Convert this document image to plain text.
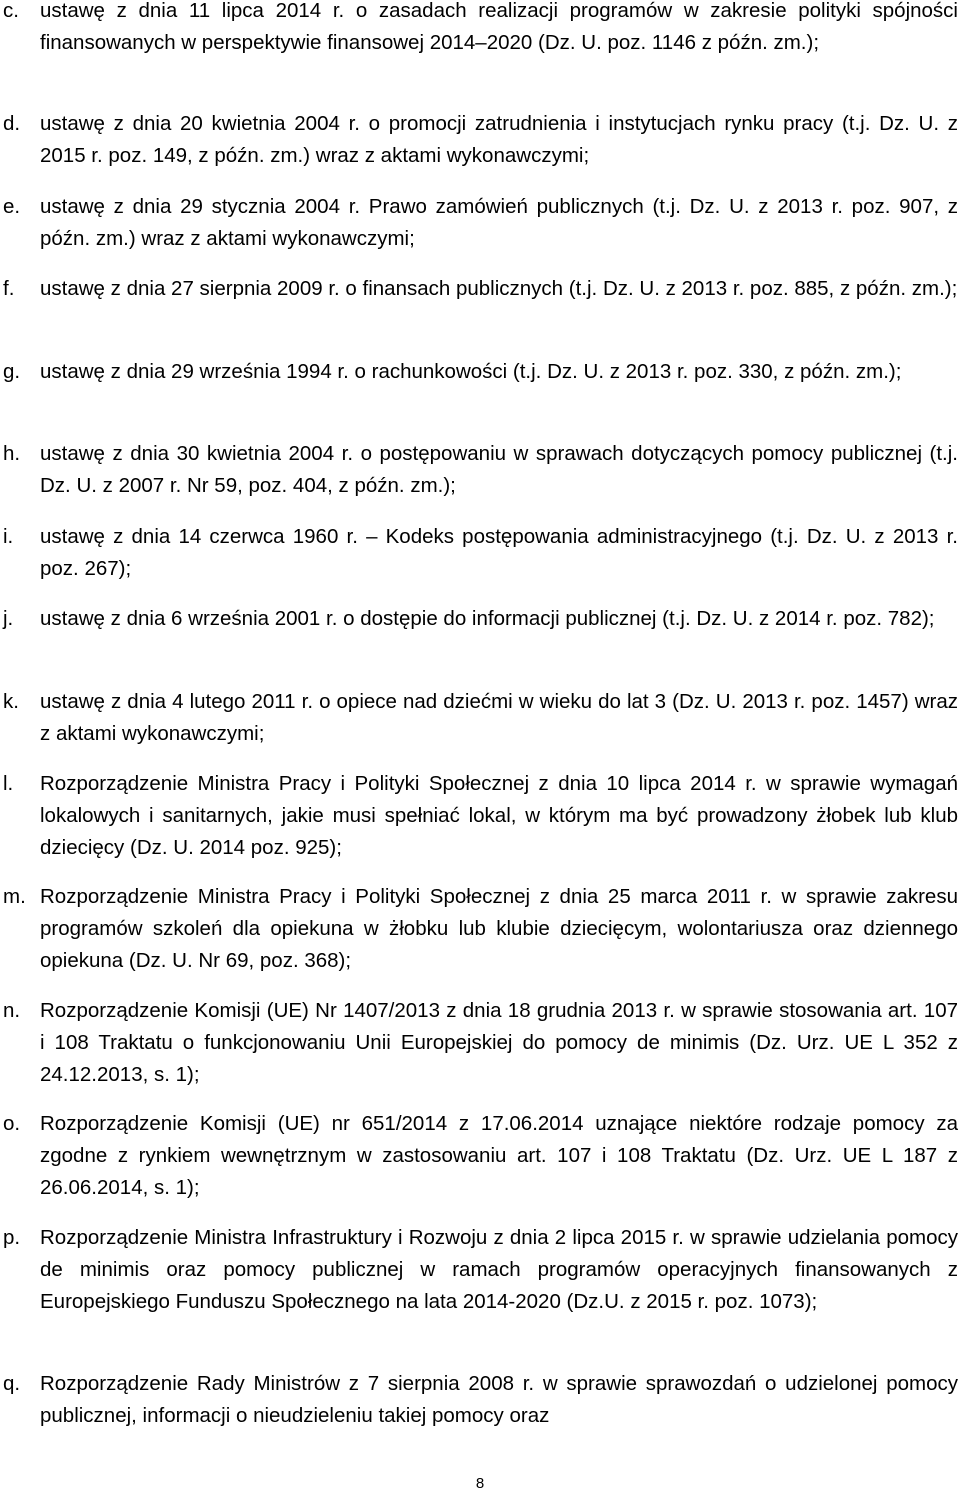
c.	ustawę z dnia 11 lipca 2014 r. o zasadach realizacji programów w zakresie polityki spójności finansowanych w perspektywie finansowej 2014–2020 (Dz. U. poz. 1146 z późn. zm.);
d. ustawę z dnia 20 kwietnia 2004 r. o promocji zatrudnienia i instytucjach rynku pracy (t.j. Dz. U. z 2015 r. poz. 149, z późn. zm.) wraz z aktami wykonawczymi;
e. ustawę z dnia 29 stycznia 2004 r. Prawo zamówień publicznych (t.j. Dz. U. z 2013 r. poz. 907, z późn. zm.) wraz z aktami wykonawczymi;
f.	ustawę z dnia 27 sierpnia 2009 r. o finansach publicznych (t.j. Dz. U. z 2013 r. poz. 885, z późn. zm.);
g. ustawę z dnia 29 września 1994 r. o rachunkowości (t.j. Dz. U. z 2013 r. poz. 330, z późn. zm.);
h. ustawę z dnia 30 kwietnia 2004 r. o postępowaniu w sprawach dotyczących pomocy publicznej (t.j. Dz. U. z 2007 r. Nr 59, poz. 404, z późn. zm.);
i.	ustawę z dnia 14 czerwca 1960 r. – Kodeks postępowania administracyjnego (t.j. Dz. U. z 2013 r. poz. 267);
j.	ustawę z dnia 6 września 2001 r. o dostępie do informacji publicznej (t.j. Dz. U. z 2014 r. poz. 782);
k.	ustawę z dnia 4 lutego 2011 r. o opiece nad dziećmi w wieku do lat 3 (Dz. U. 2013 r. poz. 1457) wraz z aktami wykonawczymi;
l.	Rozporządzenie Ministra Pracy i Polityki Społecznej z dnia 10 lipca 2014 r. w sprawie wymagań lokalowych i sanitarnych, jakie musi spełniać lokal, w którym ma być prowadzony żłobek lub klub dziecięcy (Dz. U. 2014 poz. 925);
m. Rozporządzenie Ministra Pracy i Polityki Społecznej z dnia 25 marca 2011 r. w sprawie zakresu programów szkoleń dla opiekuna w żłobku lub klubie dziecięcym, wolontariusza oraz dziennego opiekuna (Dz. U. Nr 69, poz. 368);
n. Rozporządzenie Komisji (UE) Nr 1407/2013 z dnia 18 grudnia 2013 r. w sprawie stosowania art. 107 i 108 Traktatu o funkcjonowaniu Unii Europejskiej do pomocy de minimis (Dz. Urz. UE L 352 z 24.12.2013, s. 1);
o. Rozporządzenie Komisji (UE) nr 651/2014 z 17.06.2014 uznające niektóre rodzaje pomocy za zgodne z rynkiem wewnętrznym w zastosowaniu art. 107 i 108 Traktatu (Dz. Urz. UE L 187 z 26.06.2014, s. 1);
p. Rozporządzenie Ministra Infrastruktury i Rozwoju z dnia 2 lipca 2015 r. w sprawie udzielania pomocy de minimis oraz pomocy publicznej w ramach programów operacyjnych finansowanych z Europejskiego Funduszu Społecznego na lata 2014-2020 (Dz.U. z 2015 r. poz. 1073);
q. Rozporządzenie Rady Ministrów z 7 sierpnia 2008 r. w sprawie sprawozdań o udzielonej pomocy publicznej, informacji o nieudzieleniu takiej pomocy oraz
8
